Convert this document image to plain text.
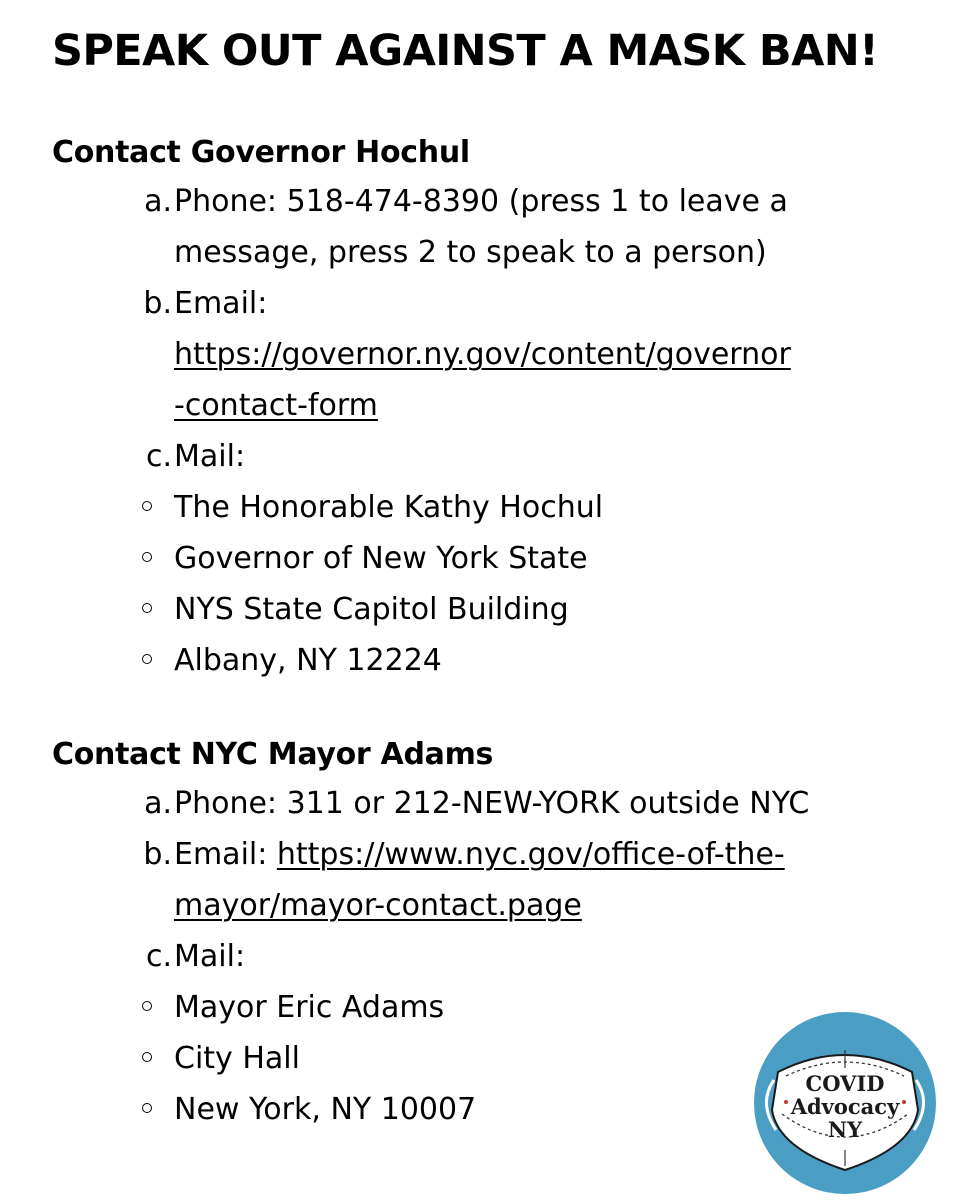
SPEAK OUT AGAINST A MASK BAN!
Contact Governor Hochul
a. Phone: 518-474-8390 (press 1 to leave a
message, press 2 to speak to a person)
b. Email:
https://governor.ny.gov/content/governor
-contact-form
c. Mail:
The Honorable Kathy Hochul
Governor of New York State
NYS State Capitol Building
Albany, NY 12224
Contact NYC Mayor Adams
a. Phone: 311 or 212-NEW-YORK outside NYC
b. Email: https://www.nyc.gov/office-of-the-
mayor/mayor-contact.page
c. Mail:
Mayor Eric Adams
City Hall
New York, NY 10007
COVID
Advocacy
NY
